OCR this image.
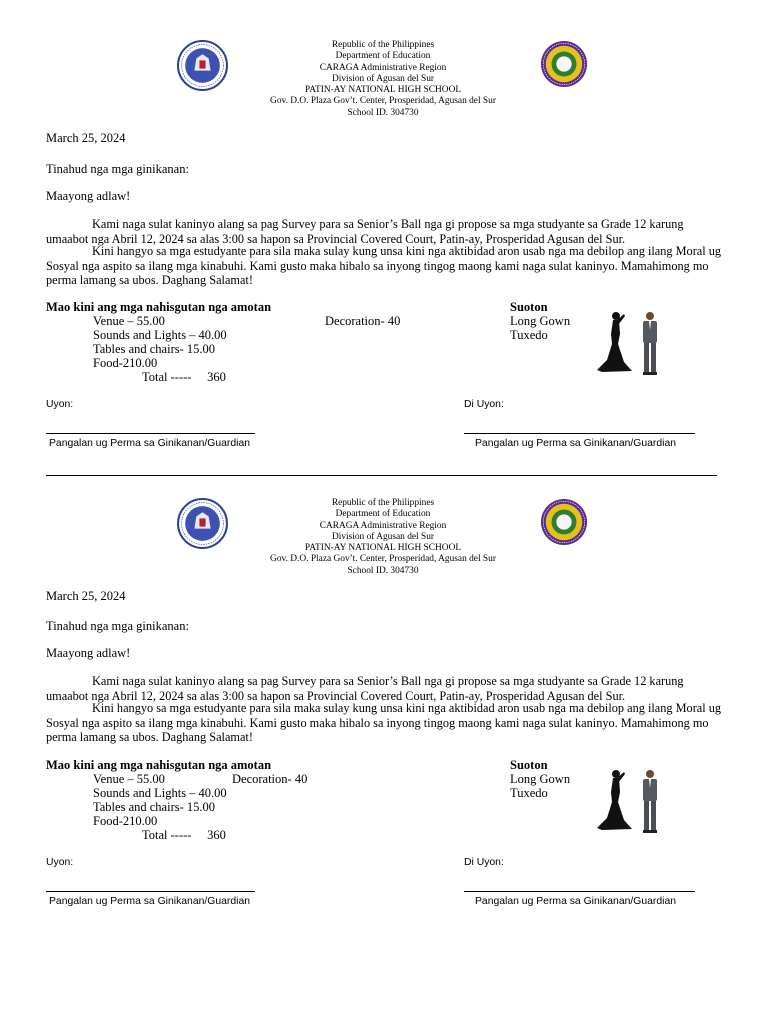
Republic of the Philippines
Department of Education
CARAGA Administrative Region
Division of Agusan del Sur
PATIN-AY NATIONAL HIGH SCHOOL
Gov. D.O. Plaza Gov’t. Center, Prosperidad, Agusan del Sur
School ID. 304730
March 25, 2024
Tinahud nga mga ginikanan:
Maayong adlaw!
Kami naga sulat kaninyo alang sa pag Survey para sa Senior’s Ball nga gi propose sa mga studyante sa Grade 12 karung umaabot nga Abril 12, 2024 sa alas 3:00 sa hapon sa Provincial Covered Court, Patin-ay, Prosperidad Agusan del Sur.
Kini hangyo sa mga estudyante para sila maka sulay kung unsa kini nga aktibidad aron usab nga ma debilop ang ilang Moral ug Sosyal nga aspito sa ilang mga kinabuhi. Kami gusto maka hibalo sa inyong tingog maong kami naga sulat kaninyo. Mamahimong mo perma lamang sa ubos. Daghang Salamat!
Mao kini ang mga nahisgutan nga amotan
Venue – 55.00	Decoration- 40
Sounds and Lights – 40.00
Tables and chairs- 15.00
Food-210.00
Total -----     360
Suoton
Long Gown
Tuxedo
Uyon:	Di Uyon:
Pangalan ug Perma sa Ginikanan/Guardian	Pangalan ug Perma sa Ginikanan/Guardian
Republic of the Philippines
Department of Education
CARAGA Administrative Region
Division of Agusan del Sur
PATIN-AY NATIONAL HIGH SCHOOL
Gov. D.O. Plaza Gov’t. Center, Prosperidad, Agusan del Sur
School ID. 304730
March 25, 2024
Tinahud nga mga ginikanan:
Maayong adlaw!
Kami naga sulat kaninyo alang sa pag Survey para sa Senior’s Ball nga gi propose sa mga studyante sa Grade 12 karung umaabot nga Abril 12, 2024 sa alas 3:00 sa hapon sa Provincial Covered Court, Patin-ay, Prosperidad Agusan del Sur.
Kini hangyo sa mga estudyante para sila maka sulay kung unsa kini nga aktibidad aron usab nga ma debilop ang ilang Moral ug Sosyal nga aspito sa ilang mga kinabuhi. Kami gusto maka hibalo sa inyong tingog maong kami naga sulat kaninyo. Mamahimong mo perma lamang sa ubos. Daghang Salamat!
Mao kini ang mga nahisgutan nga amotan
Venue – 55.00	Decoration- 40
Sounds and Lights – 40.00
Tables and chairs- 15.00
Food-210.00
Total -----     360
Suoton
Long Gown
Tuxedo
Uyon:	Di Uyon:
Pangalan ug Perma sa Ginikanan/Guardian	Pangalan ug Perma sa Ginikanan/Guardian
